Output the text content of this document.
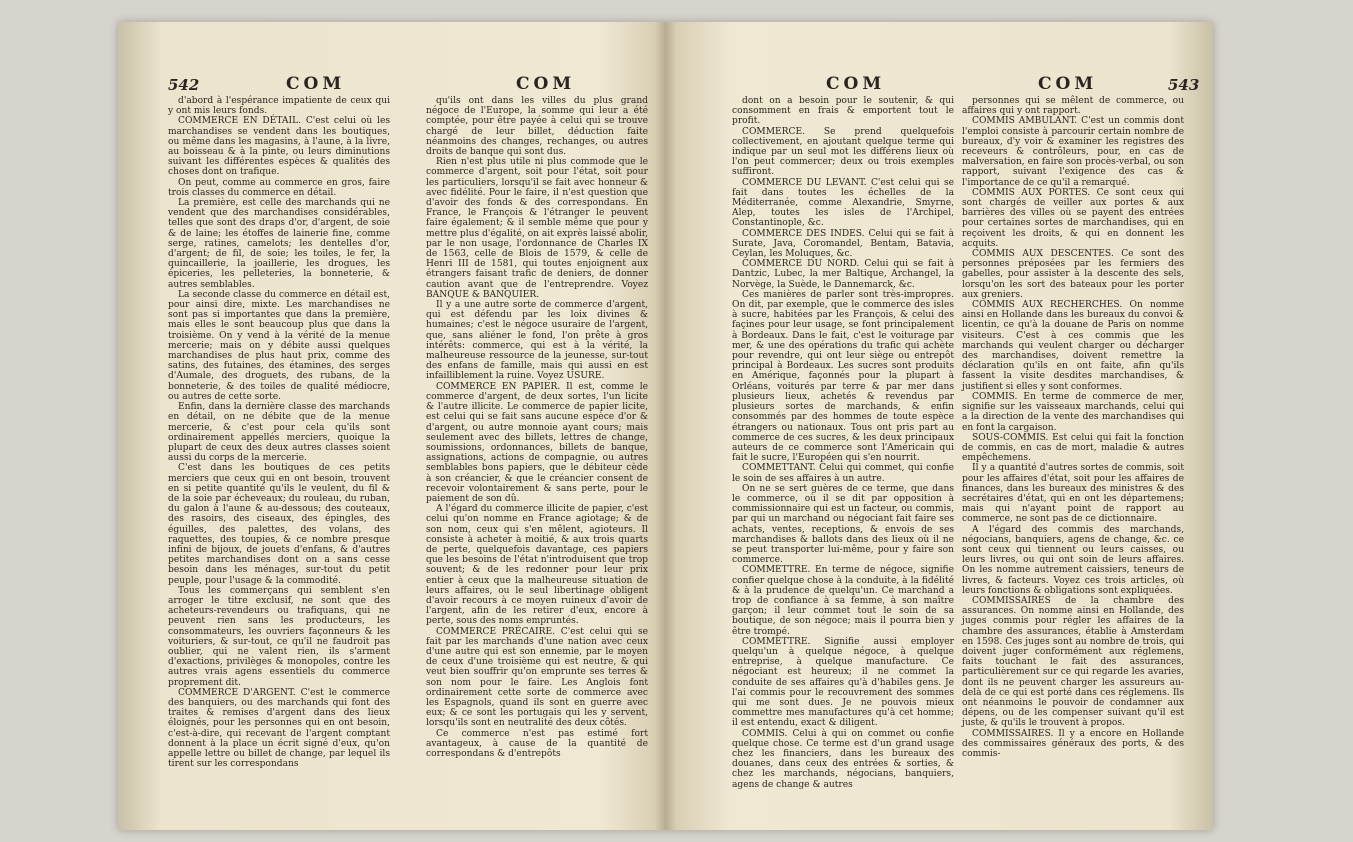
542	COM	COM

d'abord à l'espérance impatiente de ceux qui y ont mis leurs fonds.

COMMERCE EN DÉTAIL. C'est celui où les marchandises se vendent dans les boutiques, ou même dans les magasins, à l'aune, à la livre, au boisseau & à la pinte, ou leurs diminutions suivant les différentes espèces & qualités des choses dont on trafique.

On peut, comme au commerce en gros, faire trois classes du commerce en détail.

La première, est celle des marchands qui ne vendent que des marchandises considérables, telles que sont des draps d'or, d'argent, de soie & de laine; les étoffes de lainerie fine, comme serge, ratines, camelots; les dentelles d'or, d'argent; de fil, de soie; les toiles, le fer, la quincaillerie, la joaillerie, les drogues, les épiceries, les pelleteries, la bonneterie, & autres semblables.

La seconde classe du commerce en détail est, pour ainsi dire, mixte. Les marchandises ne sont pas si importantes que dans la première, mais elles le sont beaucoup plus que dans la troisième. On y vend à la vérité de la menue mercerie; mais on y débite aussi quelques marchandises de plus haut prix, comme des satins, des futaines, des étamines, des serges d'Aumale, des droguets, des rubans, de la bonneterie, & des toiles de qualité médiocre, ou autres de cette sorte.

Enfin, dans la dernière classe des marchands en détail, on ne débite que de la menue mercerie, & c'est pour cela qu'ils sont ordinairement appellés merciers, quoique la plupart de ceux des deux autres classes soient aussi du corps de la mercerie.

C'est dans les boutiques de ces petits merciers que ceux qui en ont besoin, trouvent en si petite quantité qu'ils le veulent, du fil & de la soie par écheveaux; du rouleau, du ruban, du galon à l'aune & au-dessous; des couteaux, des rasoirs, des ciseaux, des épingles, des éguilles, des palettes, des volans, des raquettes, des toupies, & ce nombre presque infini de bijoux, de jouets d'enfans, & d'autres petites marchandises dont on a sans cesse besoin dans les ménages, sur-tout du petit peuple, pour l'usage & la commodité.

Tous les commerçans qui semblent s'en arroger le titre exclusif, ne sont que des acheteurs-revendeurs ou trafiquans, qui ne peuvent rien sans les producteurs, les consommateurs, les ouvriers façonneurs & les voituriers, & sur-tout, ce qu'il ne faudroit pas oublier, qui ne valent rien, ils s'arment d'exactions, privilèges & monopoles, contre les autres vrais agens essentiels du commerce proprement dit.

COMMERCE D'ARGENT. C'est le commerce des banquiers, ou des marchands qui font des traites & remises d'argent dans des lieux éloignés, pour les personnes qui en ont besoin, c'est-à-dire, qui recevant de l'argent comptant donnent à la place un écrit signé d'eux, qu'on appelle lettre ou billet de change, par lequel ils tirent sur les correspondans

qu'ils ont dans les villes du plus grand négoce de l'Europe, la somme qui leur a été comptée, pour être payée à celui qui se trouve chargé de leur billet, déduction faite néanmoins des changes, rechanges, ou autres droits de banque qui sont dus.

Rien n'est plus utile ni plus commode que le commerce d'argent, soit pour l'état, soit pour les particuliers, lorsqu'il se fait avec honneur & avec fidélité. Pour le faire, il n'est question que d'avoir des fonds & des correspondans. En France, le François & l'étranger le peuvent faire également; & il semble même que pour y mettre plus d'égalité, on ait exprès laissé abolir, par le non usage, l'ordonnance de Charles IX de 1563, celle de Blois de 1579, & celle de Henri III de 1581, qui toutes enjoignent aux étrangers faisant trafic de deniers, de donner caution avant que de l'entreprendre. Voyez BANQUE & BANQUIER.

Il y a une autre sorte de commerce d'argent, qui est défendu par les loix divines & humaines; c'est le négoce usuraire de l'argent, que, sans aliéner le fond, l'on prête à gros intérêts: commerce, qui est à la vérité, la malheureuse ressource de la jeunesse, sur-tout des enfans de famille, mais qui aussi en est infailliblement la ruine. Voyez USURE.

COMMERCE EN PAPIER. Il est, comme le commerce d'argent, de deux sortes, l'un licite & l'autre illicite. Le commerce de papier licite, est celui qui se fait sans aucune espèce d'or & d'argent, ou autre monnoie ayant cours; mais seulement avec des billets, lettres de change, soumissions, ordonnances, billets de banque, assignations, actions de compagnie, ou autres semblables bons papiers, que le débiteur cède à son créancier, & que le créancier consent de recevoir volontairement & sans perte, pour le paiement de son dû.

A l'égard du commerce illicite de papier, c'est celui qu'on nomme en France agiotage; & de son nom, ceux qui s'en mêlent, agioteurs. Il consiste à acheter à moitié, & aux trois quarts de perte, quelquefois davantage, ces papiers que les besoins de l'état n'introduisent que trop souvent; & de les redonner pour leur prix entier à ceux que la malheureuse situation de leurs affaires, ou le seul libertinage obligent d'avoir recours à ce moyen ruineux d'avoir de l'argent, afin de les retirer d'eux, encore à perte, sous des noms empruntés.

COMMERCE PRÉCAIRE. C'est celui qui se fait par les marchands d'une nation avec ceux d'une autre qui est son ennemie, par le moyen de ceux d'une troisième qui est neutre, & qui veut bien souffrir qu'on emprunte ses terres & son nom pour le faire. Les Anglois font ordinairement cette sorte de commerce avec les Espagnols, quand ils sont en guerre avec eux; & ce sont les portugais qui les y servent, lorsqu'ils sont en neutralité des deux côtés.

Ce commerce n'est pas estimé fort avantageux, à cause de la quantité de correspondans & d'entrepôts

COM	COM	543

dont on a besoin pour le soutenir, & qui consomment en frais & emportent tout le profit.

COMMERCE. Se prend quelquefois collectivement, en ajoutant quelque terme qui indique par un seul mot les différens lieux où l'on peut commercer; deux ou trois exemples suffiront.

COMMERCE DU LEVANT. C'est celui qui se fait dans toutes les échelles de la Méditerranée, comme Alexandrie, Smyrne, Alep, toutes les isles de l'Archipel, Constantinople, &c.

COMMERCE DES INDES. Celui qui se fait à Surate, Java, Coromandel, Bentam, Batavia, Ceylan, les Moluques, &c.

COMMERCE DU NORD. Celui qui se fait à Dantzic, Lubec, la mer Baltique, Archangel, la Norvège, la Suède, le Dannemarck, &c.

Ces manières de parler sont très-impropres. On dit, par exemple, que le commerce des isles à sucre, habitées par les François, & celui des façines pour leur usage, se font principalement à Bordeaux. Dans le fait, c'est le voiturage par mer, & une des opérations du trafic qui achète pour revendre, qui ont leur siège ou entrepôt principal à Bordeaux. Les sucres sont produits en Amérique, façonnés pour la plupart à Orléans, voiturés par terre & par mer dans plusieurs lieux, achetés & revendus par plusieurs sortes de marchands, & enfin consommés par des hommes de toute espèce étrangers ou nationaux. Tous ont pris part au commerce de ces sucres, & les deux principaux auteurs de ce commerce sont l'Américain qui fait le sucre, l'Européen qui s'en nourrit.

COMMETTANT. Celui qui commet, qui confie le soin de ses affaires à un autre.

On ne se sert guères de ce terme, que dans le commerce, où il se dit par opposition à commissionnaire qui est un facteur, ou commis, par qui un marchand ou négociant fait faire ses achats, ventes, receptions, & envois de ses marchandises & ballots dans des lieux où il ne se peut transporter lui-même, pour y faire son commerce.

COMMETTRE. En terme de négoce, signifie confier quelque chose à la conduite, à la fidélité & à la prudence de quelqu'un. Ce marchand a trop de confiance à sa femme, à son maître garçon; il leur commet tout le soin de sa boutique, de son négoce; mais il pourra bien y être trompé.

COMMETTRE. Signifie aussi employer quelqu'un à quelque négoce, à quelque entreprise, à quelque manufacture. Ce négociant est heureux; il ne commet la conduite de ses affaires qu'à d'habiles gens. Je l'ai commis pour le recouvrement des sommes qui me sont dues. Je ne pouvois mieux commettre mes manufactures qu'à cet homme; il est entendu, exact & diligent.

COMMIS. Celui à qui on commet ou confie quelque chose. Ce terme est d'un grand usage chez les financiers, dans les bureaux des douanes, dans ceux des entrées & sorties, & chez les marchands, négocians, banquiers, agens de change & autres

personnes qui se mêlent de commerce, ou affaires qui y ont rapport.

COMMIS AMBULANT. C'est un commis dont l'emploi consiste à parcourir certain nombre de bureaux, d'y voir & examiner les registres des receveurs & contrôleurs, pour, en cas de malversation, en faire son procès-verbal, ou son rapport, suivant l'exigence des cas & l'importance de ce qu'il a remarqué.

COMMIS AUX PORTES. Ce sont ceux qui sont chargés de veiller aux portes & aux barrières des villes où se payent des entrées pour certaines sortes de marchandises, qui en reçoivent les droits, & qui en donnent les acquits.

COMMIS AUX DESCENTES. Ce sont des personnes préposées par les fermiers des gabelles, pour assister à la descente des sels, lorsqu'on les sort des bateaux pour les porter aux greniers.

COMMIS AUX RECHERCHES. On nomme ainsi en Hollande dans les bureaux du convoi & licentin, ce qu'à la douane de Paris on nomme visiteurs. C'est à ces commis que les marchands qui veulent charger ou décharger des marchandises, doivent remettre la déclaration qu'ils en ont faite, afin qu'ils fassent la visite desdites marchandises, & justifient si elles y sont conformes.

COMMIS. En terme de commerce de mer, signifie sur les vaisseaux marchands, celui qui a la direction de la vente des marchandises qui en font la cargaison.

SOUS-COMMIS. Est celui qui fait la fonction de commis, en cas de mort, maladie & autres empêchemens.

Il y a quantité d'autres sortes de commis, soit pour les affaires d'état, soit pour les affaires de finances, dans les bureaux des ministres & des secrétaires d'état, qui en ont les départemens; mais qui n'ayant point de rapport au commerce, ne sont pas de ce dictionnaire.

A l'égard des commis des marchands, négocians, banquiers, agens de change, &c. ce sont ceux qui tiennent ou leurs caisses, ou leurs livres, ou qui ont soin de leurs affaires. On les nomme autrement caissiers, teneurs de livres, & facteurs. Voyez ces trois articles, où leurs fonctions & obligations sont expliquées.

COMMISSAIRES de la chambre des assurances. On nomme ainsi en Hollande, des juges commis pour régler les affaires de la chambre des assurances, établie à Amsterdam en 1598. Ces juges sont au nombre de trois, qui doivent juger conformément aux réglemens, faits touchant le fait des assurances, particulièrement sur ce qui regarde les avaries, dont ils ne peuvent charger les assureurs au-delà de ce qui est porté dans ces réglemens. Ils ont néanmoins le pouvoir de condamner aux dépens, ou de les compenser suivant qu'il est juste, & qu'ils le trouvent à propos.

COMMISSAIRES. Il y a encore en Hollande des commissaires généraux des ports, & des commis-
